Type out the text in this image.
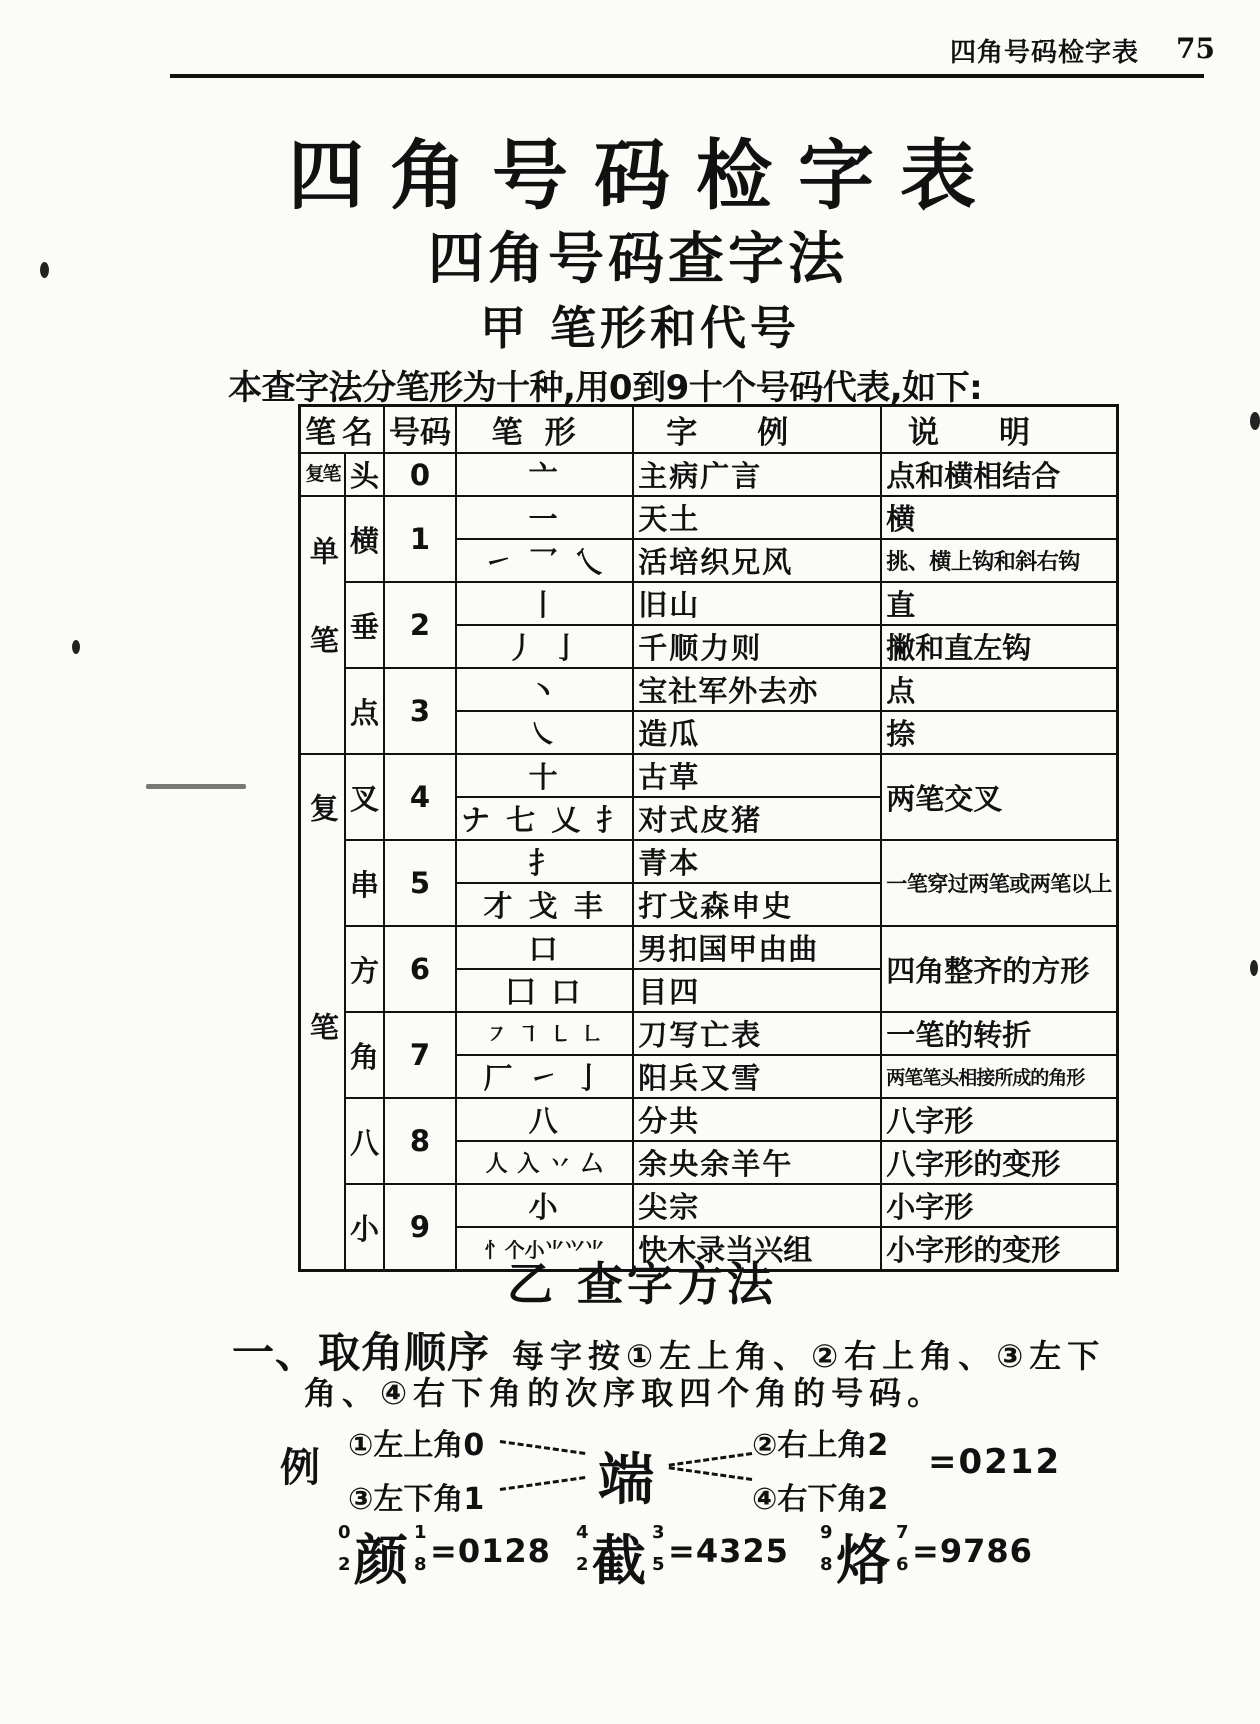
四角号码检字表 75
四角号码检字表
四角号码查字法
甲 笔形和代号
本查字法分笔形为十种,用0到9十个号码代表,如下:
笔名		号码	笔形	字例	说明
复笔	头	0	亠	主病广言	点和横相结合
单笔	横	1	一	天土	横
			㇀ 乛 乀	活培织兄风	挑、横上钩和斜右钩
	垂	2	丨	旧山	直
			丿 亅	千顺力则	撇和直左钩
	点	3	丶	宝社军外去亦	点
			㇏	造瓜	捺
复笔	叉	4	十	古草	两笔交叉
			ナ 七 乂 扌	对式皮猪	
	串	5	扌	青本	一笔穿过两笔或两笔以上
			才 戈 丰	打戈森申史	
	方	6	口	男扣国甲由曲	四角整齐的方形
			囗 口	目四	
	角	7	㇇ ㇕ ㇄ ㇗	刀写亡表	一笔的转折
			厂 ㇀ 亅	阳兵又雪	两笔笔头相接所成的角形
	八	8	八	分共	八字形
			人 入 丷 厶	余央余羊午	八字形的变形
	小	9	小	尖宗	小字形
			忄个小⺌⺍⺌	快木录当兴组	小字形的变形
乙 查字方法
一、取角顺序 每字按①左上角、②右上角、③左下
角、④右下角的次序取四个角的号码。
例 ①左上角0	②右上角2
③左下角1	④右下角2
端	=0212
0
2 颜 1
8 =0128 4
2 截 3
5 =4325 9
8 烙 7
6 =9786
